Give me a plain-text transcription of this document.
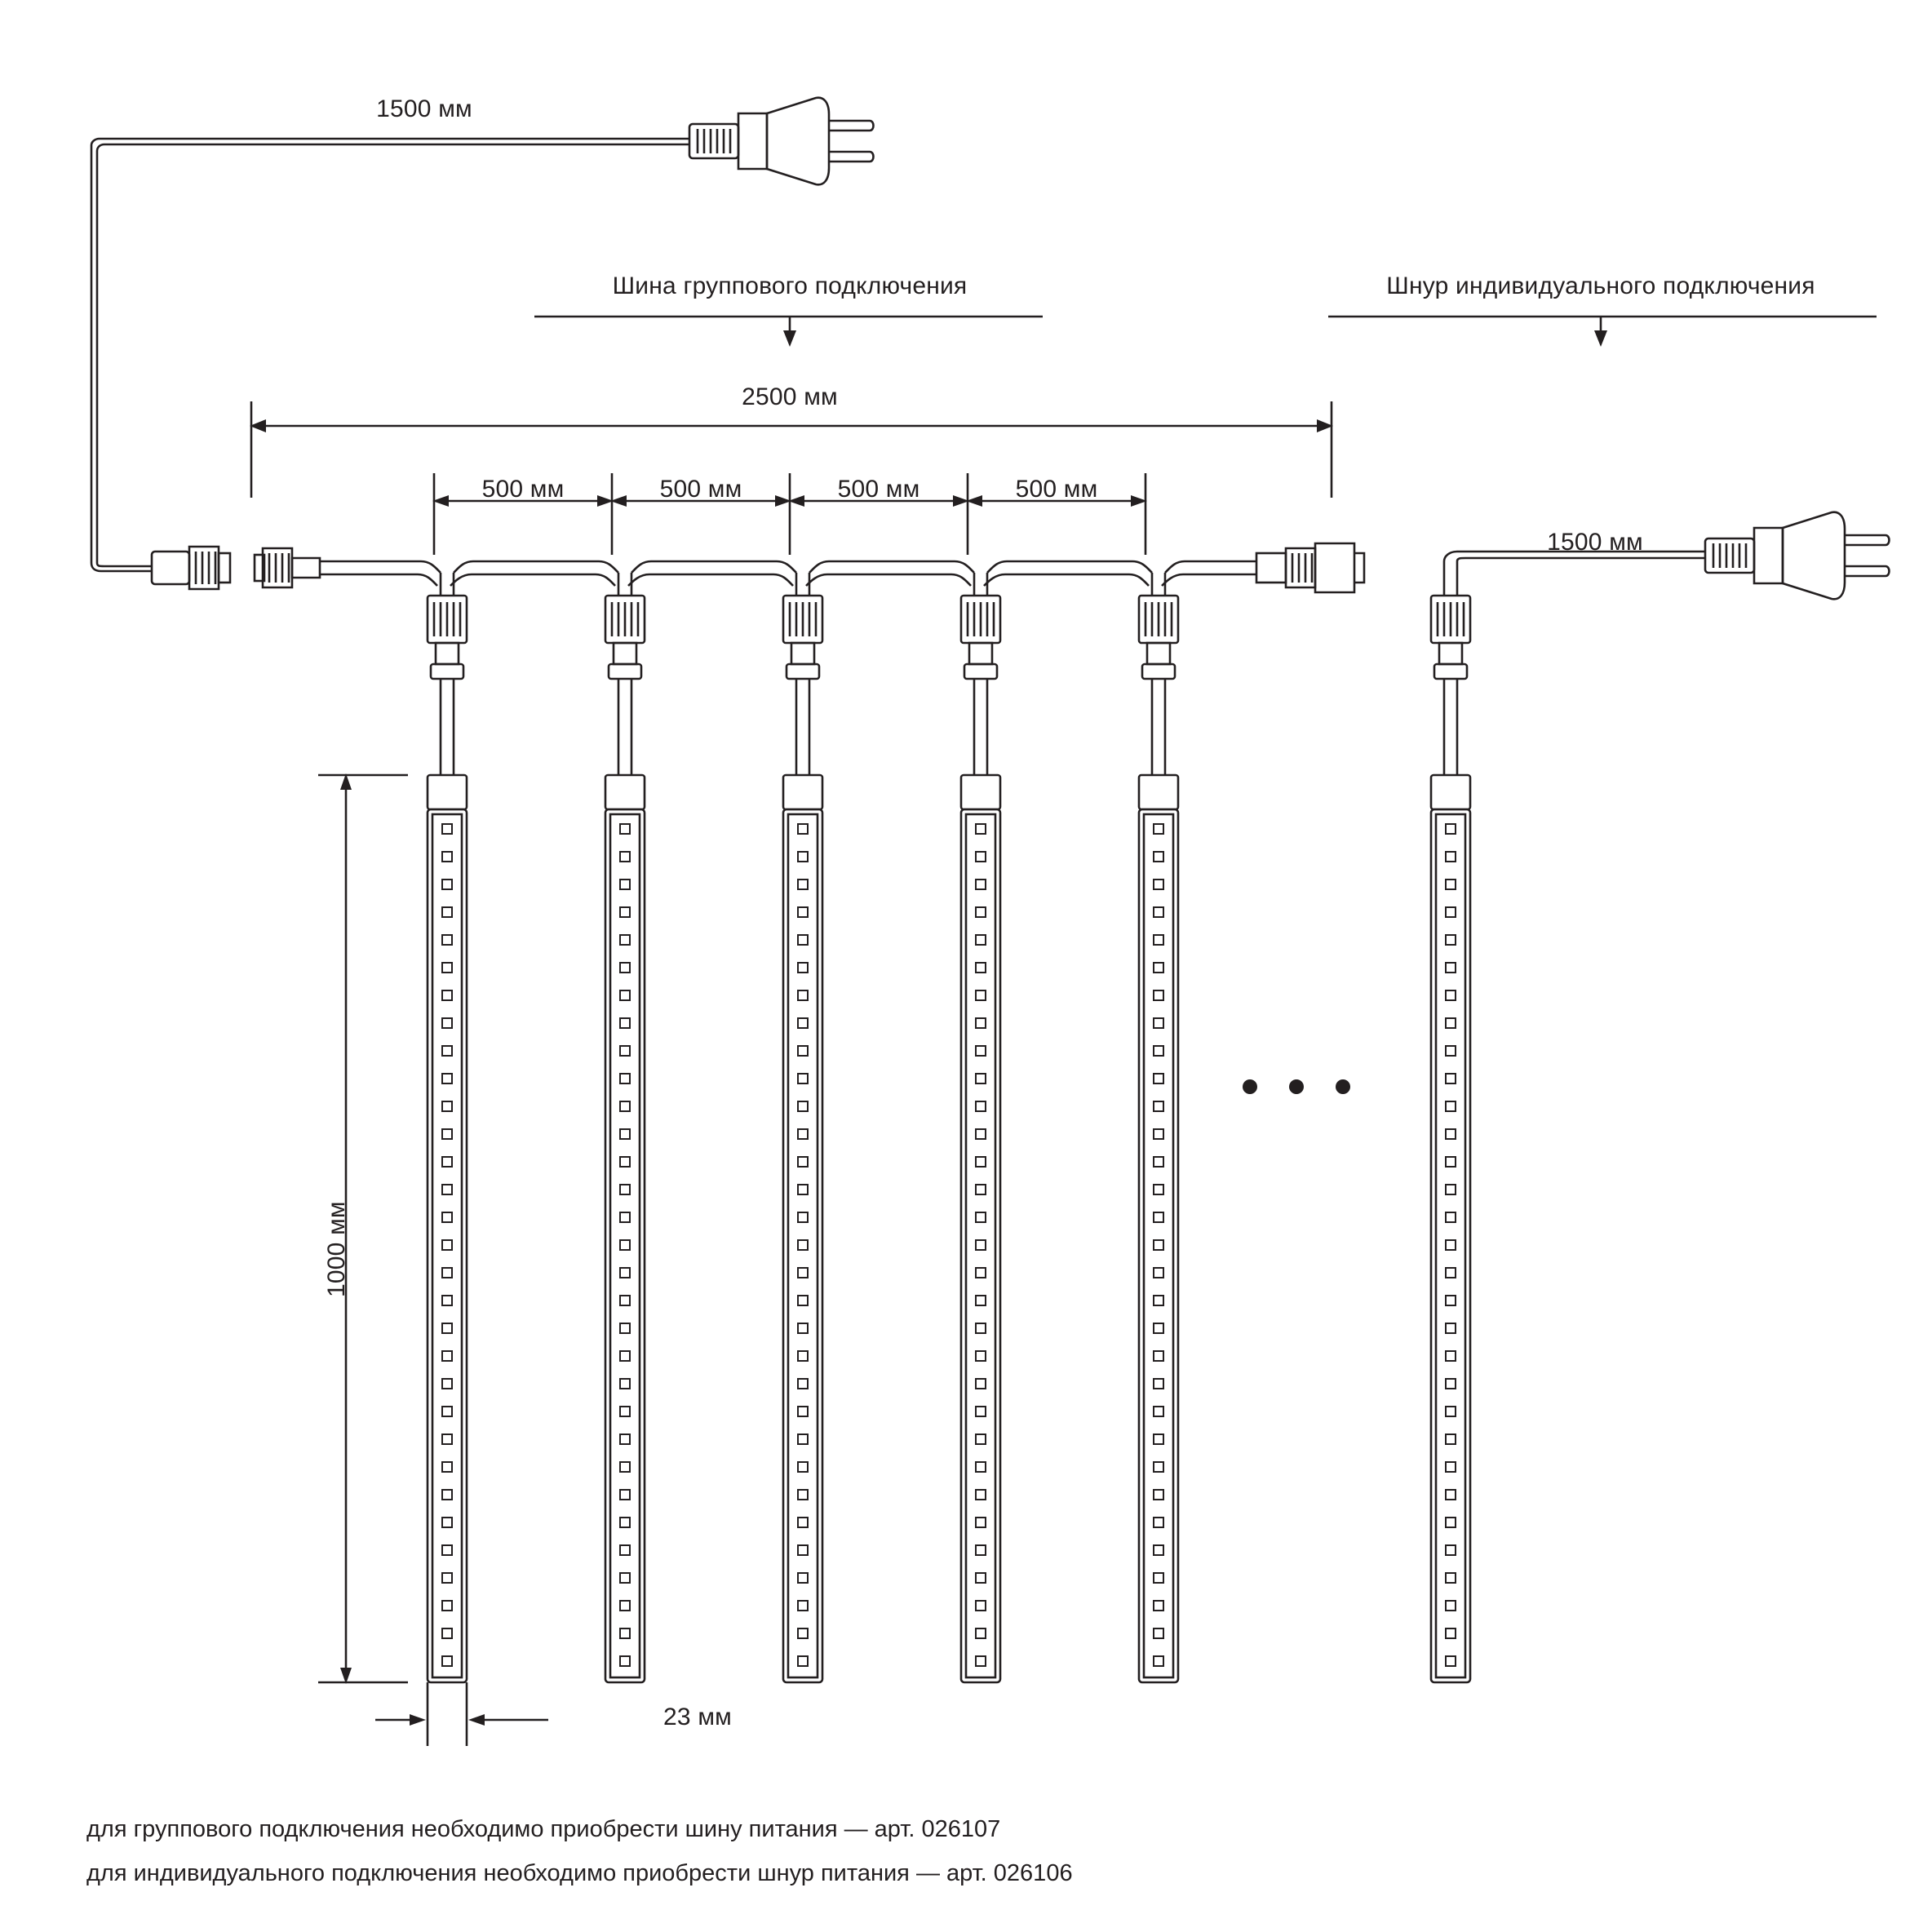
1500 мм
Шина группового подключения	Шнур индивидуального подключения
2500 мм
500 мм	500 мм	500 мм	500 мм
1500 мм
1000 мм
23 мм
для группового подключения необходимо приобрести шину питания — арт. 026107
для индивидуального подключения необходимо приобрести шнур питания — арт. 026106
